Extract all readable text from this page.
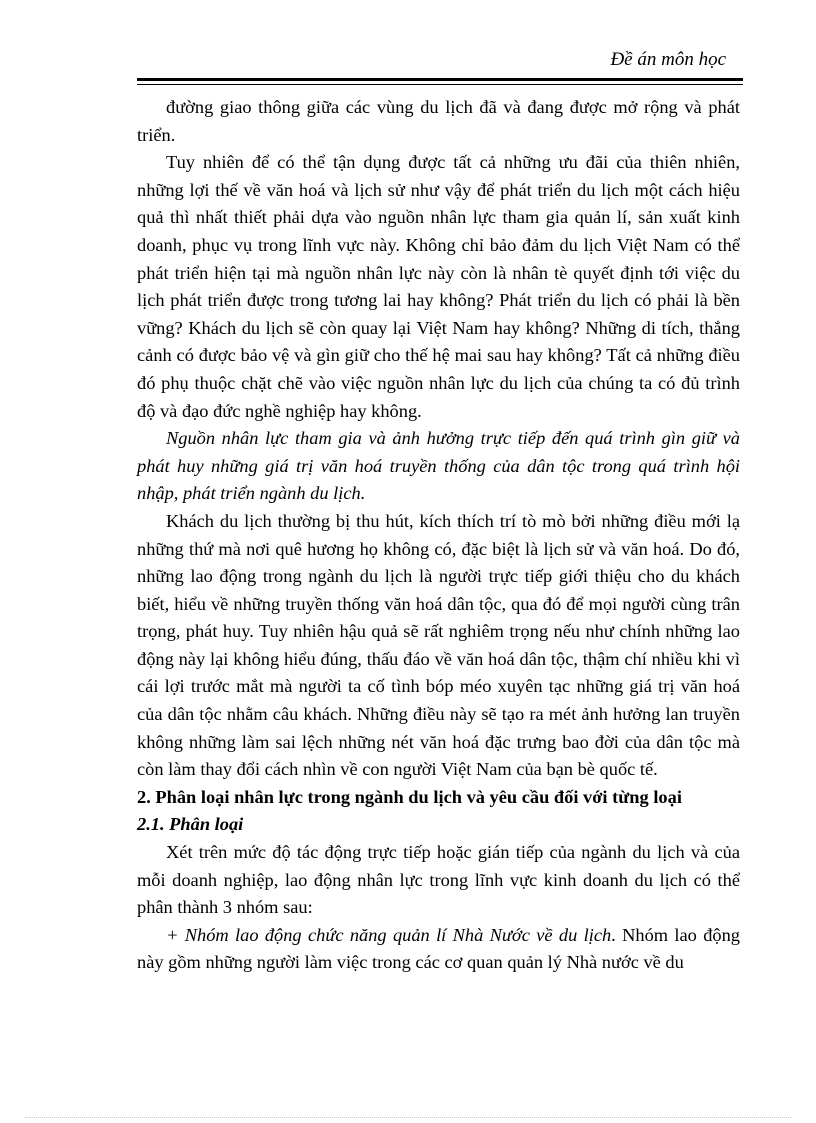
Đề án môn học

đường giao thông giữa các vùng du lịch đã và đang được mở rộng và phát triển.

Tuy nhiên để có thể tận dụng được tất cả những ưu đãi của thiên nhiên, những lợi thế về văn hoá và lịch sử như vậy để phát triển du lịch một cách hiệu quả thì nhất thiết phải dựa vào nguồn nhân lực tham gia quản lí, sản xuất kinh doanh, phục vụ trong lĩnh vực này. Không chỉ bảo đảm du lịch Việt Nam có thể phát triển hiện tại mà nguồn nhân lực này còn là nhân tè quyết định tới việc du lịch phát triển được trong tương lai hay không? Phát triển du lịch có phải là bền vững? Khách du lịch sẽ còn quay lại Việt Nam hay không? Những di tích, thắng cảnh có được bảo vệ và gìn giữ cho thế hệ mai sau hay không? Tất cả những điều đó phụ thuộc chặt chẽ vào việc nguồn nhân lực du lịch của chúng ta có đủ trình độ và đạo đức nghề nghiệp hay không.

Nguồn nhân lực tham gia và ảnh hưởng trực tiếp đến quá trình gìn giữ và phát huy những giá trị văn hoá truyền thống của dân tộc trong quá trình hội nhập, phát triển ngành du lịch.

Khách du lịch thường bị thu hút, kích thích trí tò mò bởi những điều mới lạ những thứ mà nơi quê hương họ không có, đặc biệt là lịch sử và văn hoá. Do đó, những lao động trong ngành du lịch là người trực tiếp giới thiệu cho du khách biết, hiểu về những truyền thống văn hoá dân tộc, qua đó để mọi người cùng trân trọng, phát huy. Tuy nhiên hậu quả sẽ rất nghiêm trọng nếu như chính những lao động này lại không hiểu đúng, thấu đáo về văn hoá dân tộc, thậm chí nhiều khi vì cái lợi trước mắt mà người ta cố tình bóp méo xuyên tạc những giá trị văn hoá của dân tộc nhằm câu khách. Những điều này sẽ tạo ra mét ảnh hưởng lan truyền không những làm sai lệch những nét văn hoá đặc trưng bao đời của dân tộc mà còn làm thay đổi cách nhìn về con người Việt Nam của bạn bè quốc tế.

2. Phân loại nhân lực trong ngành du lịch và yêu cầu đối với từng loại

2.1. Phân loại

Xét trên mức độ tác động trực tiếp hoặc gián tiếp của ngành du lịch và của mỗi doanh nghiệp, lao động nhân lực trong lĩnh vực kinh doanh du lịch có thể phân thành 3 nhóm sau:

+ Nhóm lao động chức năng quản lí Nhà Nước về du lịch. Nhóm lao động này gồm những người làm việc trong các cơ quan quản lý Nhà nước về du
